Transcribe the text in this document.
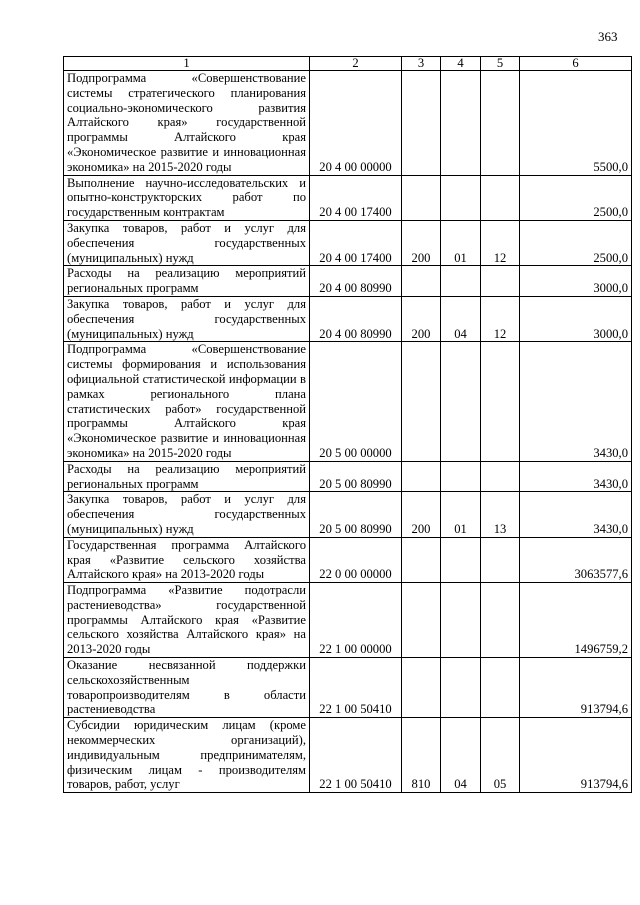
363
1	2	3	4	5	6
Подпрограмма «Совершенствование системы стратегического планирования социально-экономического развития Алтайского края» государственной программы Алтайского края «Экономическое развитие и инновационная экономика» на 2015-2020 годы	20 4 00 00000				5500,0
Выполнение научно-исследовательских и опытно-конструкторских работ по государственным контрактам	20 4 00 17400				2500,0
Закупка товаров, работ и услуг для обеспечения государственных (муниципальных) нужд	20 4 00 17400	200	01	12	2500,0
Расходы на реализацию мероприятий региональных программ	20 4 00 80990				3000,0
Закупка товаров, работ и услуг для обеспечения государственных (муниципальных) нужд	20 4 00 80990	200	04	12	3000,0
Подпрограмма «Совершенствование системы формирования и использования официальной статистической информации в рамках регионального плана статистических работ» государственной программы Алтайского края «Экономическое развитие и инновационная экономика» на 2015-2020 годы	20 5 00 00000				3430,0
Расходы на реализацию мероприятий региональных программ	20 5 00 80990				3430,0
Закупка товаров, работ и услуг для обеспечения государственных (муниципальных) нужд	20 5 00 80990	200	01	13	3430,0
Государственная программа Алтайского края «Развитие сельского хозяйства Алтайского края» на 2013-2020 годы	22 0 00 00000				3063577,6
Подпрограмма «Развитие подотрасли растениеводства» государственной программы Алтайского края «Развитие сельского хозяйства Алтайского края» на 2013-2020 годы	22 1 00 00000				1496759,2
Оказание несвязанной поддержки сельскохозяйственным товаропроизводителям в области растениеводства	22 1 00 50410				913794,6
Субсидии юридическим лицам (кроме некоммерческих организаций), индивидуальным предпринимателям, физическим лицам - производителям товаров, работ, услуг	22 1 00 50410	810	04	05	913794,6
